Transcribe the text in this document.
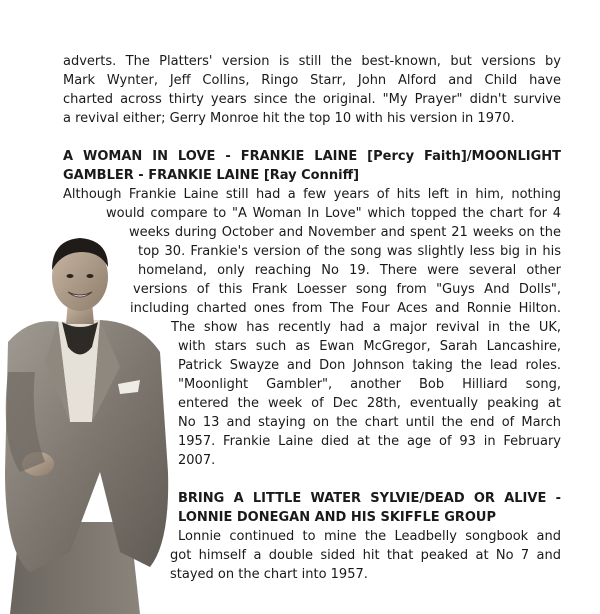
adverts. The Platters' version is still the best-known, but versions by
Mark Wynter, Jeff Collins, Ringo Starr, John Alford and Child have
charted across thirty years since the original. "My Prayer" didn't survive
a revival either; Gerry Monroe hit the top 10 with his version in 1970.
A WOMAN IN LOVE - FRANKIE LAINE [Percy Faith]/MOONLIGHT
GAMBLER - FRANKIE LAINE [Ray Conniff]
Although Frankie Laine still had a few years of hits left in him, nothing
would compare to "A Woman In Love" which topped the chart for 4
weeks during October and November and spent 21 weeks on the
top 30. Frankie's version of the song was slightly less big in his
homeland, only reaching No 19. There were several other
versions of this Frank Loesser song from "Guys And Dolls",
including charted ones from The Four Aces and Ronnie Hilton.
The show has recently had a major revival in the UK,
with stars such as Ewan McGregor, Sarah Lancashire,
Patrick Swayze and Don Johnson taking the lead roles.
"Moonlight Gambler", another Bob Hilliard song,
entered the week of Dec 28th, eventually peaking at
No 13 and staying on the chart until the end of March
1957. Frankie Laine died at the age of 93 in February
2007.
BRING A LITTLE WATER SYLVIE/DEAD OR ALIVE -
LONNIE DONEGAN AND HIS SKIFFLE GROUP
Lonnie continued to mine the Leadbelly songbook and
got himself a double sided hit that peaked at No 7 and
stayed on the chart into 1957.
